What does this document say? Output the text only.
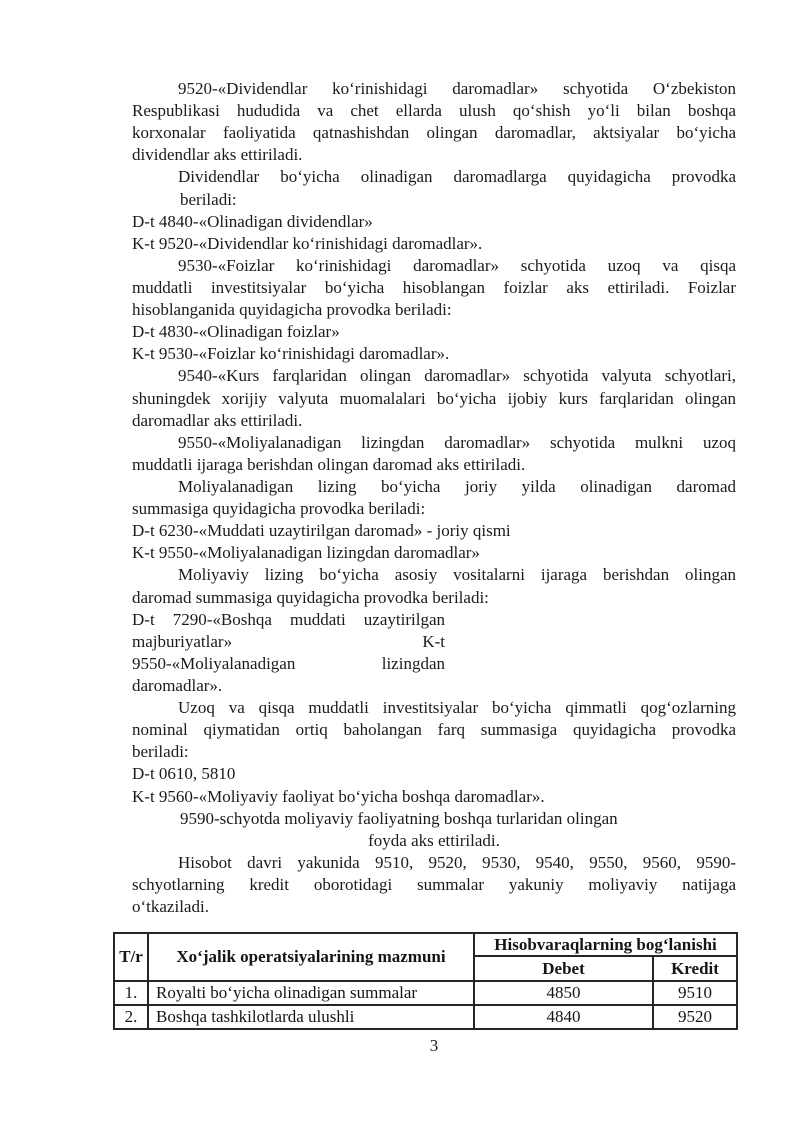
9520-«Dividendlar ko‘rinishidagi daromadlar» schyotida O‘zbekiston
Respublikasi hududida va chet ellarda ulush qo‘shish yo‘li bilan boshqa
korxonalar faoliyatida qatnashishdan olingan daromadlar, aktsiyalar bo‘yicha
dividendlar aks ettiriladi.
Dividendlar bo‘yicha olinadigan daromadlarga quyidagicha provodka
beriladi:
D-t 4840-«Olinadigan dividendlar»
K-t 9520-«Dividendlar ko‘rinishidagi daromadlar».
9530-«Foizlar ko‘rinishidagi daromadlar» schyotida uzoq va qisqa
muddatli investitsiyalar bo‘yicha hisoblangan foizlar aks ettiriladi. Foizlar
hisoblanganida quyidagicha provodka beriladi:
D-t 4830-«Olinadigan foizlar»
K-t 9530-«Foizlar ko‘rinishidagi daromadlar».
9540-«Kurs farqlaridan olingan daromadlar» schyotida valyuta schyotlari,
shuningdek xorijiy valyuta muomalalari bo‘yicha ijobiy kurs farqlaridan olingan
daromadlar aks ettiriladi.
9550-«Moliyalanadigan lizingdan daromadlar» schyotida mulkni uzoq
muddatli ijaraga berishdan olingan daromad aks ettiriladi.
Moliyalanadigan lizing bo‘yicha joriy yilda olinadigan daromad
summasiga quyidagicha provodka beriladi:
D-t 6230-«Muddati uzaytirilgan daromad» - joriy qismi
K-t 9550-«Moliyalanadigan lizingdan daromadlar»
Moliyaviy lizing bo‘yicha asosiy vositalarni ijaraga berishdan olingan
daromad summasiga quyidagicha provodka beriladi:
D-t 7290-«Boshqa muddati uzaytirilgan
majburiyatlar» K-t
9550-«Moliyalanadigan lizingdan
daromadlar».
Uzoq va qisqa muddatli investitsiyalar bo‘yicha qimmatli qog‘ozlarning
nominal qiymatidan ortiq baholangan farq summasiga quyidagicha provodka
beriladi:
D-t 0610, 5810
K-t 9560-«Moliyaviy faoliyat bo‘yicha boshqa daromadlar».
9590-schyotda moliyaviy faoliyatning boshqa turlaridan olingan
foyda aks ettiriladi.
Hisobot davri yakunida 9510, 9520, 9530, 9540, 9550, 9560, 9590-
schyotlarning kredit oborotidagi summalar yakuniy moliyaviy natijaga
o‘tkaziladi.
T/r	Xo‘jalik operatsiyalarining mazmuni	Hisobvaraqlarning bog‘lanishi	
		Debet	Kredit
1.	Royalti bo‘yicha olinadigan summalar	4850	9510
2.	Boshqa tashkilotlarda ulushli	4840	9520
3
